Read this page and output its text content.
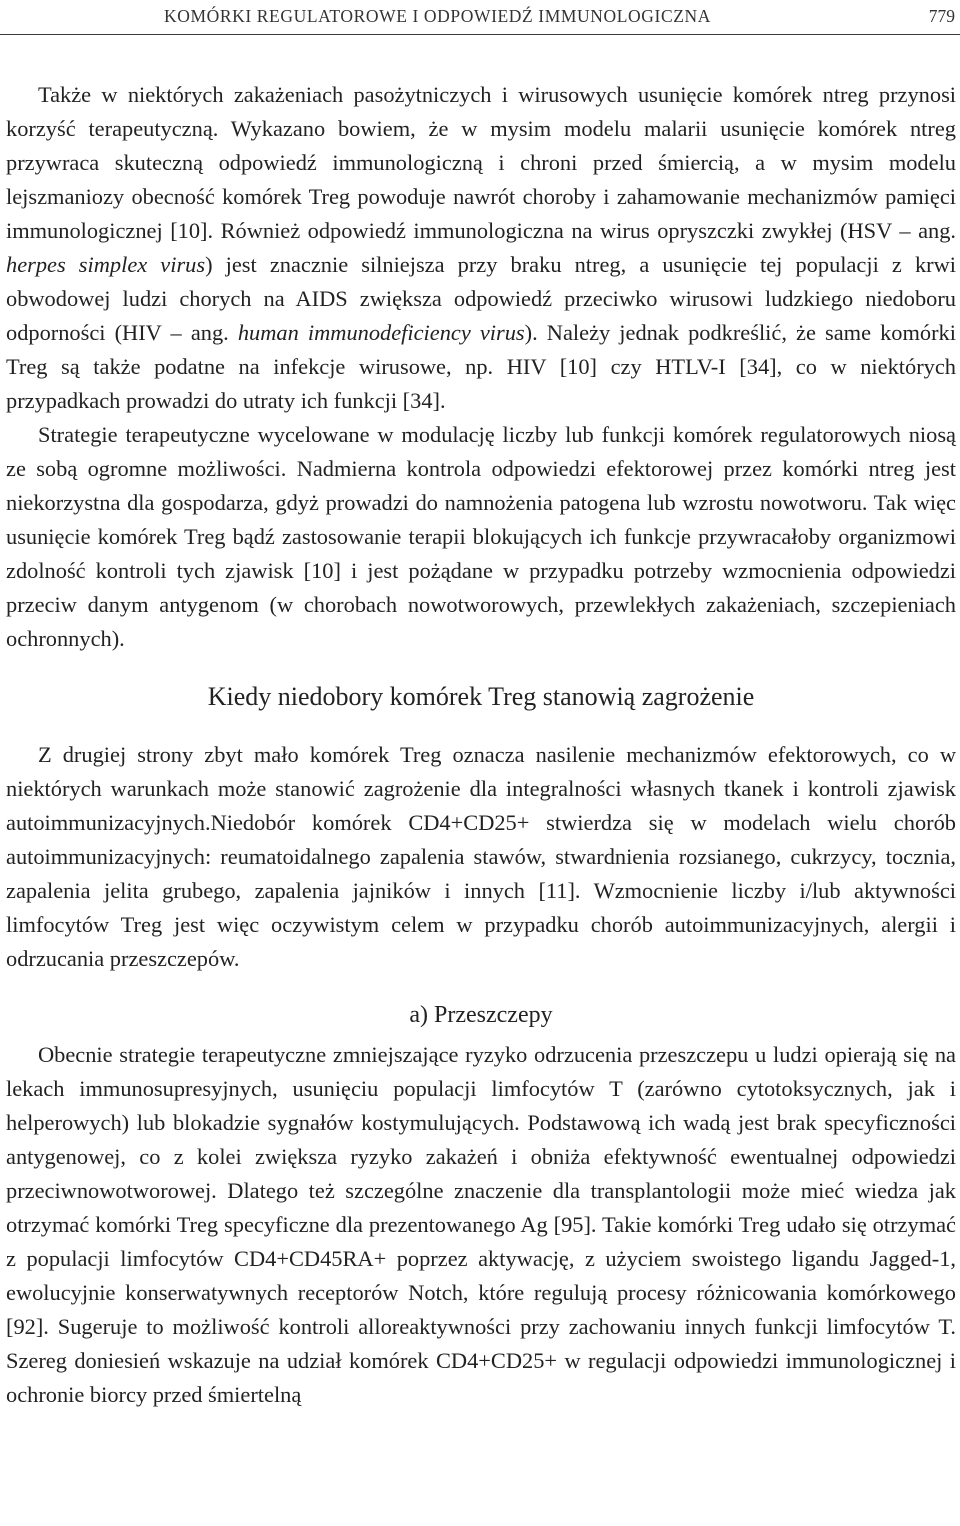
KOMÓRKI REGULATOROWE I ODPOWIEDŹ IMMUNOLOGICZNA	779

Także w niektórych zakażeniach pasożytniczych i wirusowych usunięcie komórek ntreg przynosi korzyść terapeutyczną. Wykazano bowiem, że w mysim modelu malarii usunięcie komórek ntreg przywraca skuteczną odpowiedź immunologiczną i chroni przed śmiercią, a w mysim modelu lejszmaniozy obecność komórek Treg powoduje nawrót choroby i zahamowanie mechanizmów pamięci immunologicznej [10]. Również odpowiedź immunologiczna na wirus opryszczki zwykłej (HSV – ang. herpes simplex virus) jest znacznie silniejsza przy braku ntreg, a usunięcie tej populacji z krwi obwodowej ludzi chorych na AIDS zwiększa odpowiedź przeciwko wirusowi ludzkiego niedoboru odporności (HIV – ang. human immunodeficiency virus). Należy jednak podkreślić, że same komórki Treg są także podatne na infekcje wirusowe, np. HIV [10] czy HTLV-I [34], co w niektórych przypadkach prowadzi do utraty ich funkcji [34].

Strategie terapeutyczne wycelowane w modulację liczby lub funkcji komórek regulatorowych niosą ze sobą ogromne możliwości. Nadmierna kontrola odpowiedzi efektorowej przez komórki ntreg jest niekorzystna dla gospodarza, gdyż prowadzi do namnożenia patogena lub wzrostu nowotworu. Tak więc usunięcie komórek Treg bądź zastosowanie terapii blokujących ich funkcje przywracałoby organizmowi zdolność kontroli tych zjawisk [10] i jest pożądane w przypadku potrzeby wzmocnienia odpowiedzi przeciw danym antygenom (w chorobach nowotworowych, przewlekłych zakażeniach, szczepieniach ochronnych).

Kiedy niedobory komórek Treg stanowią zagrożenie

Z drugiej strony zbyt mało komórek Treg oznacza nasilenie mechanizmów efektorowych, co w niektórych warunkach może stanowić zagrożenie dla integralności własnych tkanek i kontroli zjawisk autoimmunizacyjnych.Niedobór komórek CD4+CD25+ stwierdza się w modelach wielu chorób autoimmunizacyjnych: reumatoidalnego zapalenia stawów, stwardnienia rozsianego, cukrzycy, tocznia, zapalenia jelita grubego, zapalenia jajników i innych [11]. Wzmocnienie liczby i/lub aktywności limfocytów Treg jest więc oczywistym celem w przypadku chorób autoimmunizacyjnych, alergii i odrzucania przeszczepów.

a) Przeszczepy

Obecnie strategie terapeutyczne zmniejszające ryzyko odrzucenia przeszczepu u ludzi opierają się na lekach immunosupresyjnych, usunięciu populacji limfocytów T (zarówno cytotoksycznych, jak i helperowych) lub blokadzie sygnałów kostymulujących. Podstawową ich wadą jest brak specyficzności antygenowej, co z kolei zwiększa ryzyko zakażeń i obniża efektywność ewentualnej odpowiedzi przeciwnowotworowej. Dlatego też szczególne znaczenie dla transplantologii może mieć wiedza jak otrzymać komórki Treg specyficzne dla prezentowanego Ag [95]. Takie komórki Treg udało się otrzymać z populacji limfocytów CD4+CD45RA+ poprzez aktywację, z użyciem swoistego ligandu Jagged-1, ewolucyjnie konserwatywnych receptorów Notch, które regulują procesy różnicowania komórkowego [92]. Sugeruje to możliwość kontroli alloreaktywności przy zachowaniu innych funkcji limfocytów T. Szereg doniesień wskazuje na udział komórek CD4+CD25+ w regulacji odpowiedzi immunologicznej i ochronie biorcy przed śmiertelną
